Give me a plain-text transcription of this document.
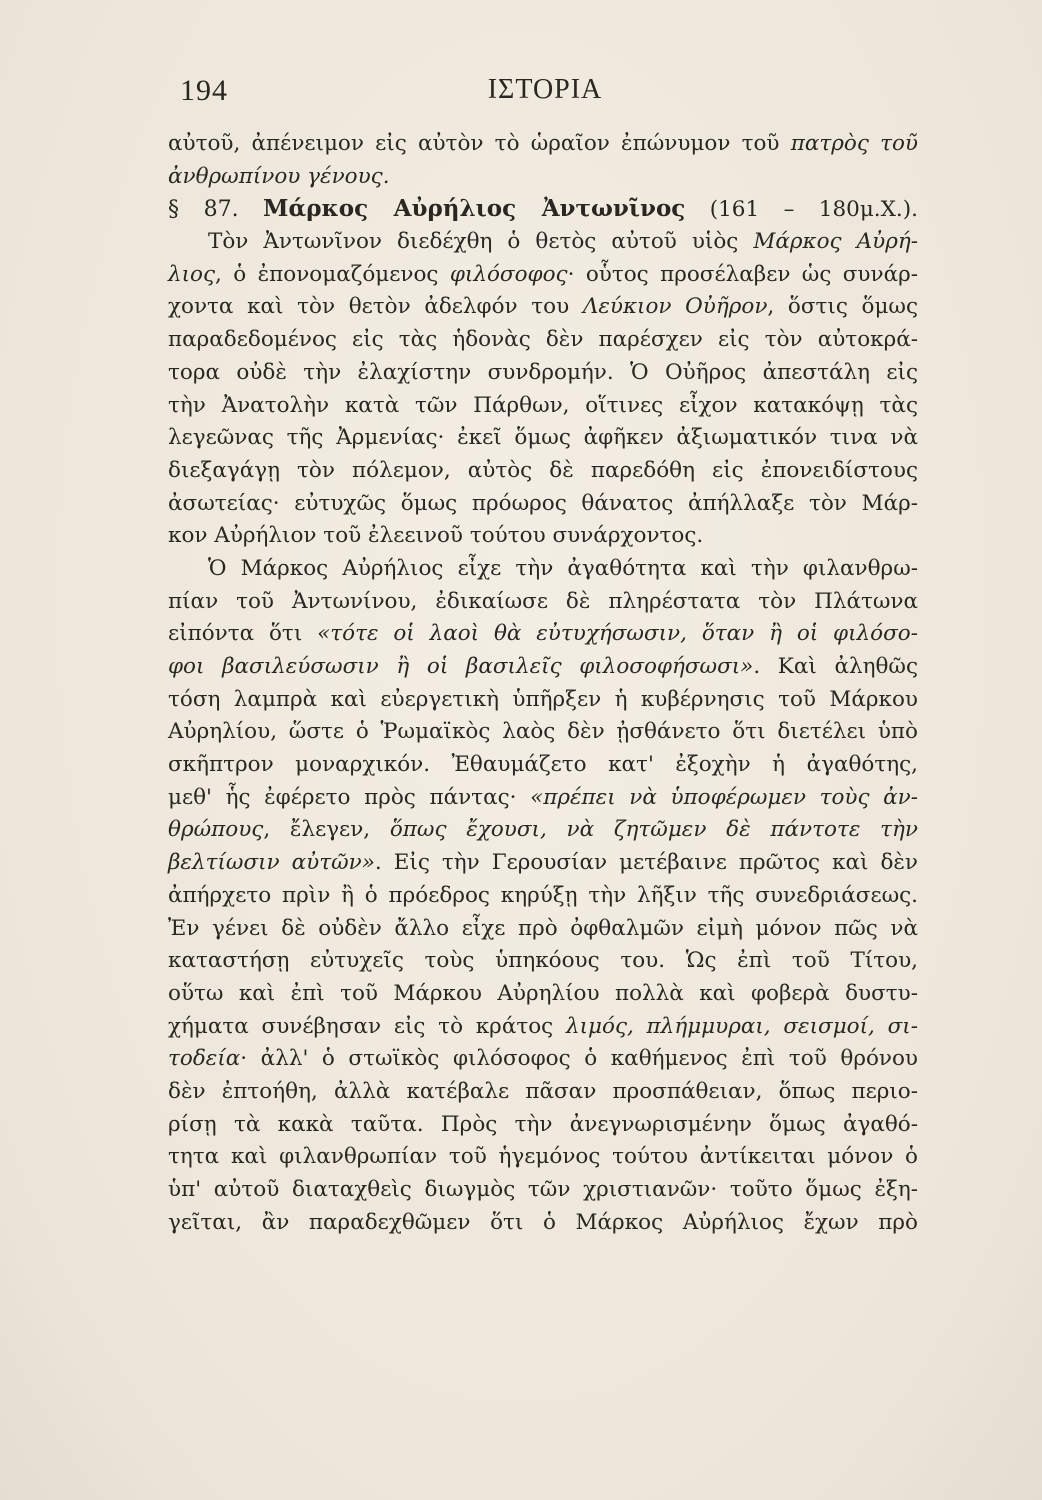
194	ΙΣΤΟΡΙΑ
αὐτοῦ, ἀπένειμον εἰς αὐτὸν τὸ ὡραῖον ἐπώνυμον τοῦ πατρὸς τοῦ
ἀνθρωπίνου γένους.
§ 87. Μάρκος Αὐρήλιος Ἀντωνῖνος (161 – 180μ.Χ.).
Τὸν Ἀντωνῖνον διεδέχθη ὁ θετὸς αὐτοῦ υἱὸς Μάρκος Αὐρή-
λιος, ὁ ἐπονομαζόμενος φιλόσοφος· οὗτος προσέλαβεν ὡς συνάρ-
χοντα καὶ τὸν θετὸν ἀδελφόν του Λεύκιον Οὐῆρον, ὅστις ὅμως
παραδεδομένος εἰς τὰς ἡδονὰς δὲν παρέσχεν εἰς τὸν αὐτοκρά-
τορα οὐδὲ τὴν ἐλαχίστην συνδρομήν. Ὁ Οὐῆρος ἀπεστάλη εἰς
τὴν Ἀνατολὴν κατὰ τῶν Πάρθων, οἵτινες εἶχον κατακόψῃ τὰς
λεγεῶνας τῆς Ἀρμενίας· ἐκεῖ ὅμως ἀφῆκεν ἀξιωματικόν τινα νὰ
διεξαγάγῃ τὸν πόλεμον, αὐτὸς δὲ παρεδόθη εἰς ἐπονειδίστους
ἀσωτείας· εὐτυχῶς ὅμως πρόωρος θάνατος ἀπήλλαξε τὸν Μάρ-
κον Αὐρήλιον τοῦ ἐλεεινοῦ τούτου συνάρχοντος.
Ὁ Μάρκος Αὐρήλιος εἶχε τὴν ἀγαθότητα καὶ τὴν φιλανθρω-
πίαν τοῦ Ἀντωνίνου, ἐδικαίωσε δὲ πληρέστατα τὸν Πλάτωνα
εἰπόντα ὅτι «τότε οἱ λαοὶ θὰ εὐτυχήσωσιν, ὅταν ἢ οἱ φιλόσο-
φοι βασιλεύσωσιν ἢ οἱ βασιλεῖς φιλοσοφήσωσι». Καὶ ἀληθῶς
τόση λαμπρὰ καὶ εὐεργετικὴ ὑπῆρξεν ἡ κυβέρνησις τοῦ Μάρκου
Αὐρηλίου, ὥστε ὁ Ῥωμαϊκὸς λαὸς δὲν ᾐσθάνετο ὅτι διετέλει ὑπὸ
σκῆπτρον μοναρχικόν. Ἐθαυμάζετο κατ' ἐξοχὴν ἡ ἀγαθότης,
μεθ' ἧς ἐφέρετο πρὸς πάντας· «πρέπει νὰ ὑποφέρωμεν τοὺς ἀν-
θρώπους, ἔλεγεν, ὅπως ἔχουσι, νὰ ζητῶμεν δὲ πάντοτε τὴν
βελτίωσιν αὐτῶν». Εἰς τὴν Γερουσίαν μετέβαινε πρῶτος καὶ δὲν
ἀπήρχετο πρὶν ἢ ὁ πρόεδρος κηρύξῃ τὴν λῆξιν τῆς συνεδριάσεως.
Ἐν γένει δὲ οὐδὲν ἄλλο εἶχε πρὸ ὀφθαλμῶν εἰμὴ μόνον πῶς νὰ
καταστήσῃ εὐτυχεῖς τοὺς ὑπηκόους του. Ὡς ἐπὶ τοῦ Τίτου,
οὕτω καὶ ἐπὶ τοῦ Μάρκου Αὐρηλίου πολλὰ καὶ φοβερὰ δυστυ-
χήματα συνέβησαν εἰς τὸ κράτος λιμός, πλήμμυραι, σεισμοί, σι-
τοδεία· ἀλλ' ὁ στωϊκὸς φιλόσοφος ὁ καθήμενος ἐπὶ τοῦ θρόνου
δὲν ἐπτοήθη, ἀλλὰ κατέβαλε πᾶσαν προσπάθειαν, ὅπως περιο-
ρίσῃ τὰ κακὰ ταῦτα. Πρὸς τὴν ἀνεγνωρισμένην ὅμως ἀγαθό-
τητα καὶ φιλανθρωπίαν τοῦ ἡγεμόνος τούτου ἀντίκειται μόνον ὁ
ὑπ' αὐτοῦ διαταχθεὶς διωγμὸς τῶν χριστιανῶν· τοῦτο ὅμως ἐξη-
γεῖται, ἂν παραδεχθῶμεν ὅτι ὁ Μάρκος Αὐρήλιος ἔχων πρὸ
